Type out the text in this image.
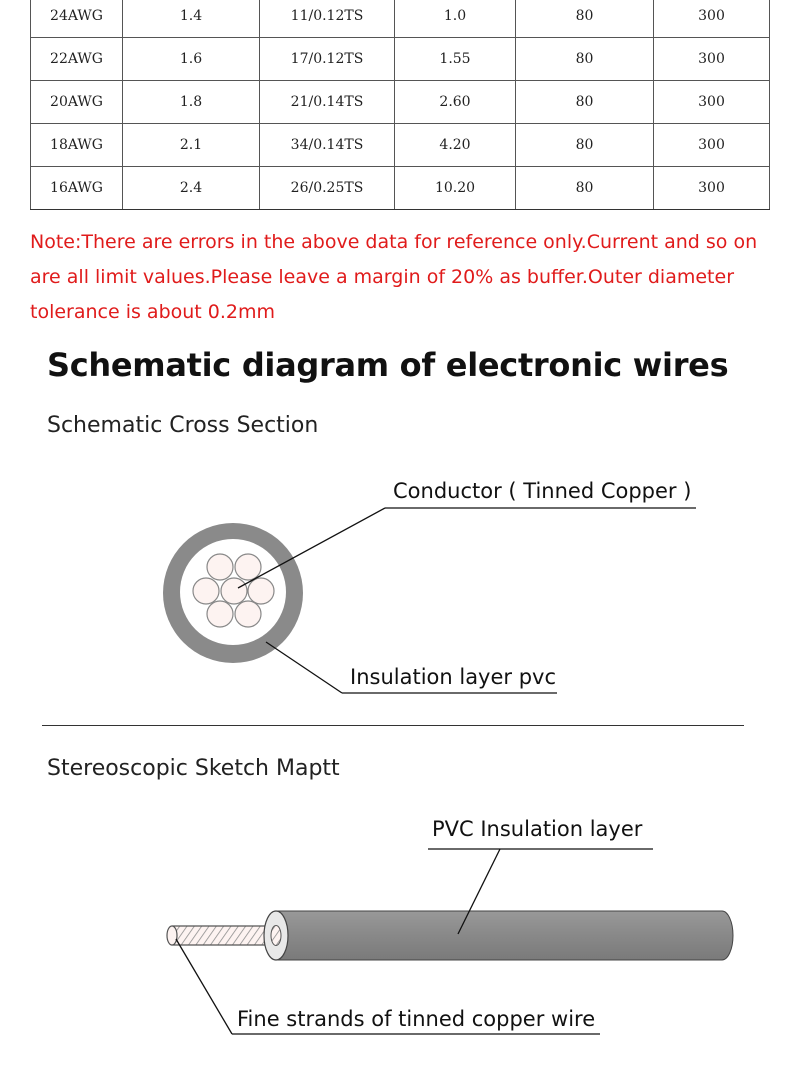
24AWG	1.4	11/0.12TS	1.0	80	300
22AWG	1.6	17/0.12TS	1.55	80	300
20AWG	1.8	21/0.14TS	2.60	80	300
18AWG	2.1	34/0.14TS	4.20	80	300
16AWG	2.4	26/0.25TS	10.20	80	300
Note:There are errors in the above data for reference only.Current and so on are all limit values.Please leave a margin of 20% as buffer.Outer diameter tolerance is about 0.2mm
Schematic diagram of electronic wires
Schematic Cross Section
Conductor ( Tinned Copper )
Insulation layer pvc
Stereoscopic Sketch Maptt
PVC Insulation layer
Fine strands of tinned copper wire
